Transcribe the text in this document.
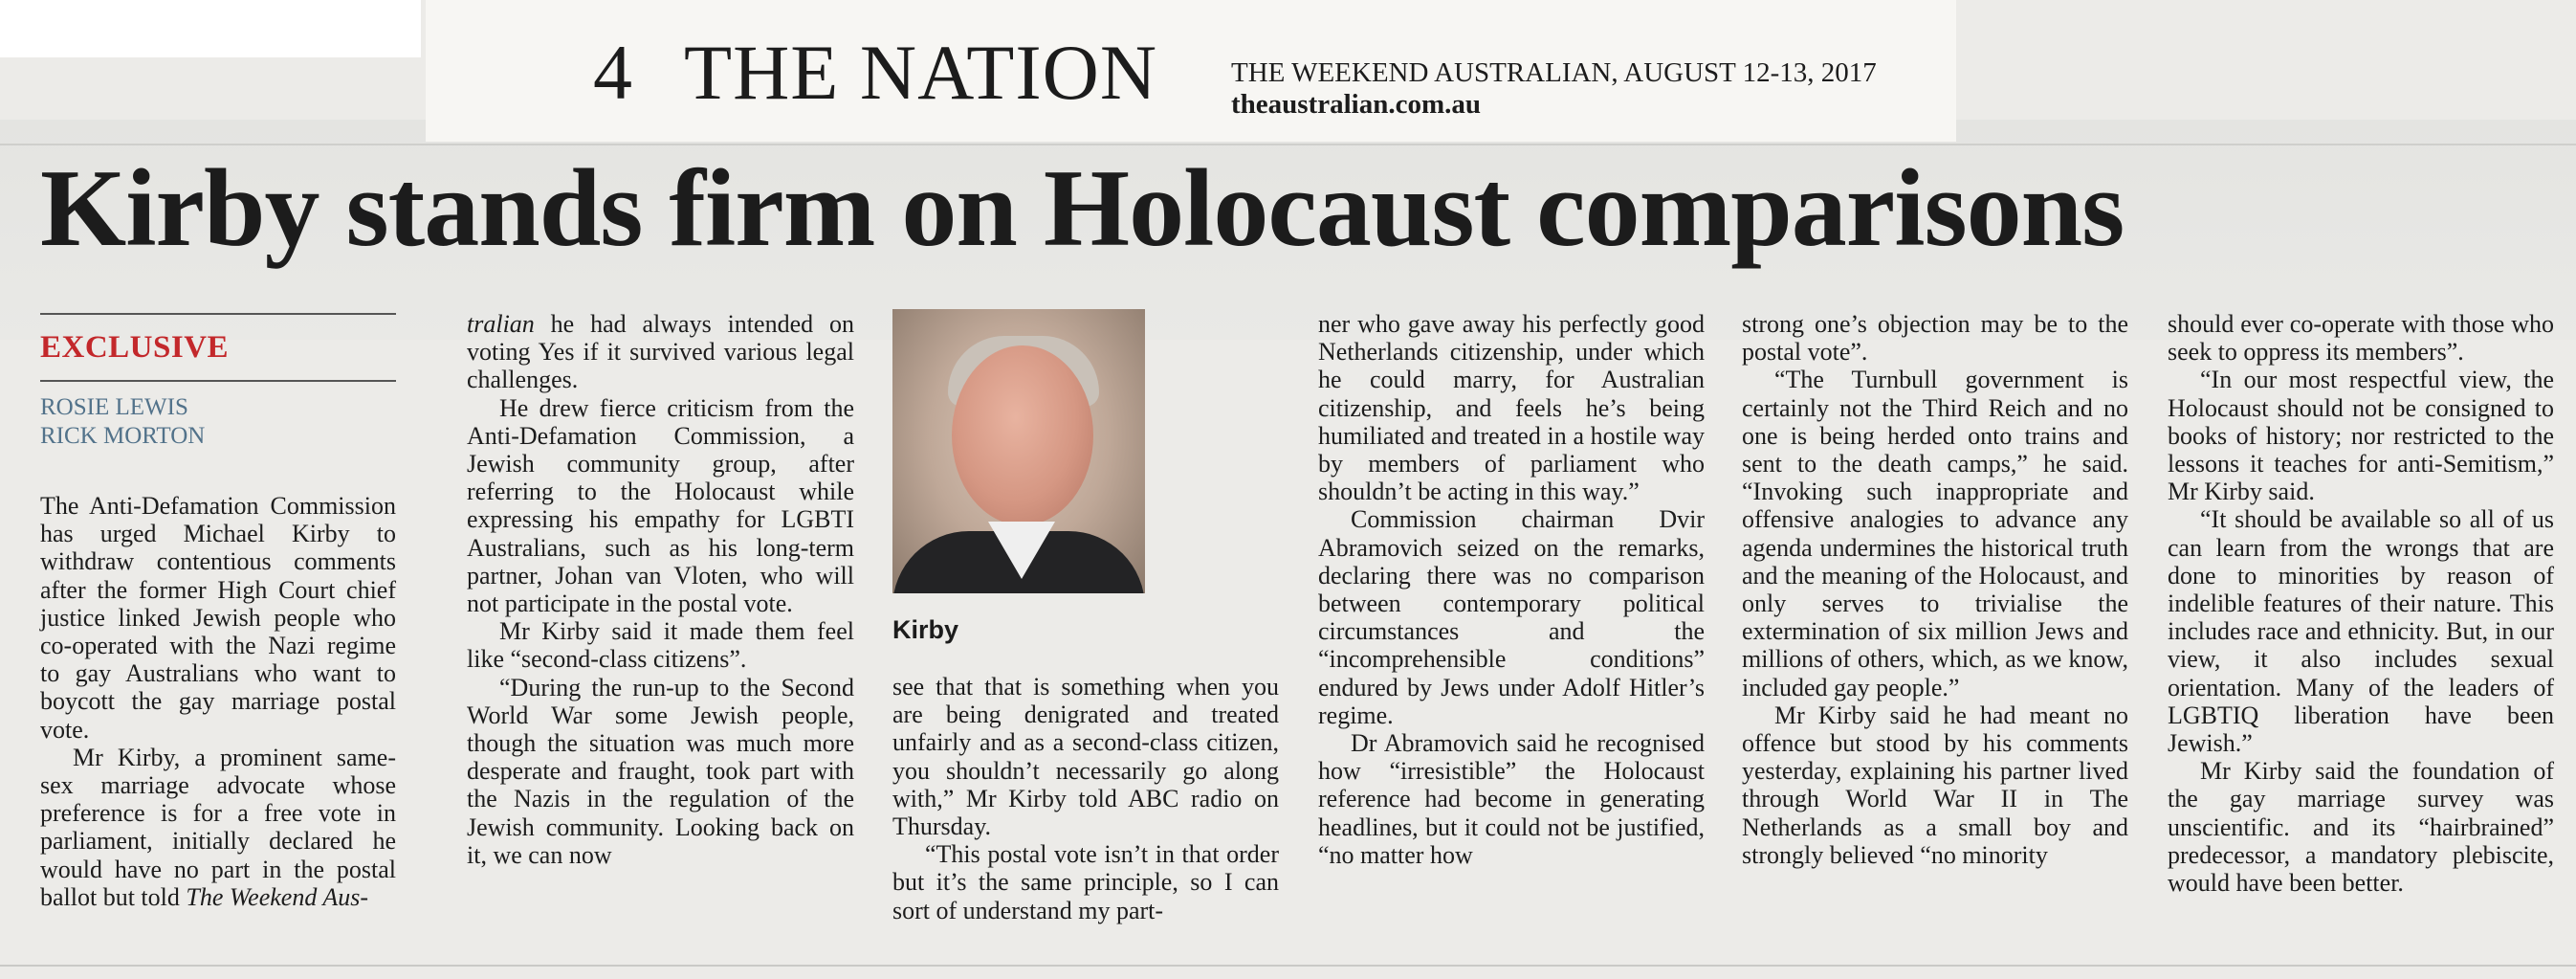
4 THE NATION	THE WEEKEND AUSTRALIAN, AUGUST 12-13, 2017
theaustralian.com.au
Kirby stands firm on Holocaust comparisons
EXCLUSIVE
ROSIE LEWIS
RICK MORTON

The Anti-Defamation Commission has urged Michael Kirby to withdraw contentious comments after the former High Court chief justice linked Jewish people who co-operated with the Nazi regime to gay Australians who want to boycott the gay marriage postal vote.

Mr Kirby, a prominent same-sex marriage advocate whose preference is for a free vote in parliament, initially declared he would have no part in the postal ballot but told The Weekend Aus-

tralian he had always intended on voting Yes if it survived various legal challenges.

He drew fierce criticism from the Anti-Defamation Commission, a Jewish community group, after referring to the Holocaust while expressing his empathy for LGBTI Australians, such as his long-term partner, Johan van Vloten, who will not participate in the postal vote.

Mr Kirby said it made them feel like “second-class citizens”.

“During the run-up to the Second World War some Jewish people, though the situation was much more desperate and fraught, took part with the Nazis in the regulation of the Jewish community. Looking back on it, we can now

Kirby

see that that is something when you are being denigrated and treated unfairly and as a second-class citizen, you shouldn’t necessarily go along with,” Mr Kirby told ABC radio on Thursday.

“This postal vote isn’t in that order but it’s the same principle, so I can sort of understand my part-

ner who gave away his perfectly good Netherlands citizenship, under which he could marry, for Australian citizenship, and feels he’s being humiliated and treated in a hostile way by members of parliament who shouldn’t be acting in this way.”

Commission chairman Dvir Abramovich seized on the remarks, declaring there was no comparison between contemporary political circumstances and the “incomprehensible conditions” endured by Jews under Adolf Hitler’s regime.

Dr Abramovich said he recognised how “irresistible” the Holocaust reference had become in generating headlines, but it could not be justified, “no matter how

strong one’s objection may be to the postal vote”.

“The Turnbull government is certainly not the Third Reich and no one is being herded onto trains and sent to the death camps,” he said. “Invoking such inappropriate and offensive analogies to advance any agenda undermines the historical truth and the meaning of the Holocaust, and only serves to trivialise the extermination of six million Jews and millions of others, which, as we know, included gay people.”

Mr Kirby said he had meant no offence but stood by his comments yesterday, explaining his partner lived through World War II in The Netherlands as a small boy and strongly believed “no minority

should ever co-operate with those who seek to oppress its members”.

“In our most respectful view, the Holocaust should not be consigned to books of history; nor restricted to the lessons it teaches for anti-Semitism,” Mr Kirby said.

“It should be available so all of us can learn from the wrongs that are done to minorities by reason of indelible features of their nature. This includes race and ethnicity. But, in our view, it also includes sexual orientation. Many of the leaders of LGBTIQ liberation have been Jewish.”

Mr Kirby said the foundation of the gay marriage survey was unscientific. and its “hairbrained” predecessor, a mandatory plebiscite, would have been better.
